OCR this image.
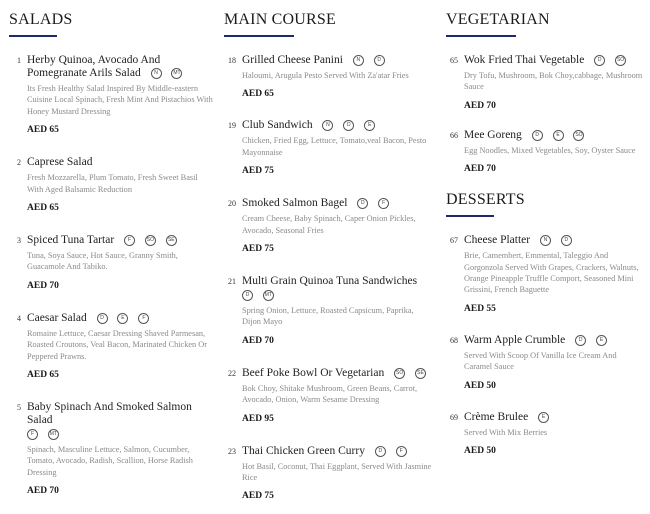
SALADS
1 Herby Quinoa, Avocado And Pomegranate Arils Salad	N	MT
Its Fresh Healthy Salad Inspired By Middle-eastern Cuisine Local Spinach, Fresh Mint And Pistachios With Honey Mustard Dressing
AED 65
2 Caprese Salad
Fresh Mozzarella, Plum Tomato, Fresh Sweet Basil With Aged Balsamic Reduction
AED 65
3 Spiced Tuna Tartar	F	SO	SE
Tuna, Soya Sauce, Hot Sauce, Granny Smith, Guacamole And Tabiko.
AED 70
4 Caesar Salad	D	E	F
Romaine Lettuce, Caesar Dressing Shaved Parmesan, Roasted Croutons, Veal Bacon, Marinated Chicken Or Peppered Prawns.
AED 65
5 Baby Spinach And Smoked Salmon Salad
F	MT
Spinach, Masculine Lettuce, Salmon, Cucumber, Tomato, Avocado, Radish, Scallion, Horse Radish Dressing
AED 70
MAIN COURSE
18 Grilled Cheese Panini	N	D
Haloumi, Arugula Pesto Served With Za'atar Fries
AED 65
19 Club Sandwich	N	D	E
Chicken, Fried Egg, Lettuce, Tomato,veal Bacon, Pesto Mayonnaise
AED 75
20 Smoked Salmon Bagel	D	F
Cream Cheese, Baby Spinach, Caper Onion Pickles, Avocado, Seasonal Fries
AED 75
21 Multi Grain Quinoa Tuna Sandwiches
D	MT
Spring Onion, Lettuce, Roasted Capsicum, Paprika, Dijon Mayo
AED 70
22 Beef Poke Bowl Or Vegetarian SO	SE
Bok Choy, Shitake Mushroom, Green Beans, Carrot, Avocado, Onion, Warm Sesame Dressing
AED 95
23 Thai Chicken Green Curry	D	F
Hot Basil, Coconut, Thai Eggplant, Served With Jasmine Rice
AED 75
VEGETARIAN
65 Wok Fried Thai Vegetable	D	SO
Dry Tofu, Mushroom, Bok Choy,cabbage, Mushroom Sauce
AED 70
66 Mee Goreng	D	E	SO
Egg Noodles, Mixed Vegetables, Soy, Oyster Sauce
AED 70
DESSERTS
67 Cheese Platter	N	D
Brie, Camembert, Emmental, Taleggio And Gorgonzola Served With Grapes, Crackers, Walnuts, Orange Pineapple Truffle Comport, Seasoned Mini Grissini, French Baguette
AED 55
68 Warm Apple Crumble	D	E
Served With Scoop Of Vanilla Ice Cream And Caramel Sauce
AED 50
69 Crème Brulee	E
Served With Mix Berries
AED 50
